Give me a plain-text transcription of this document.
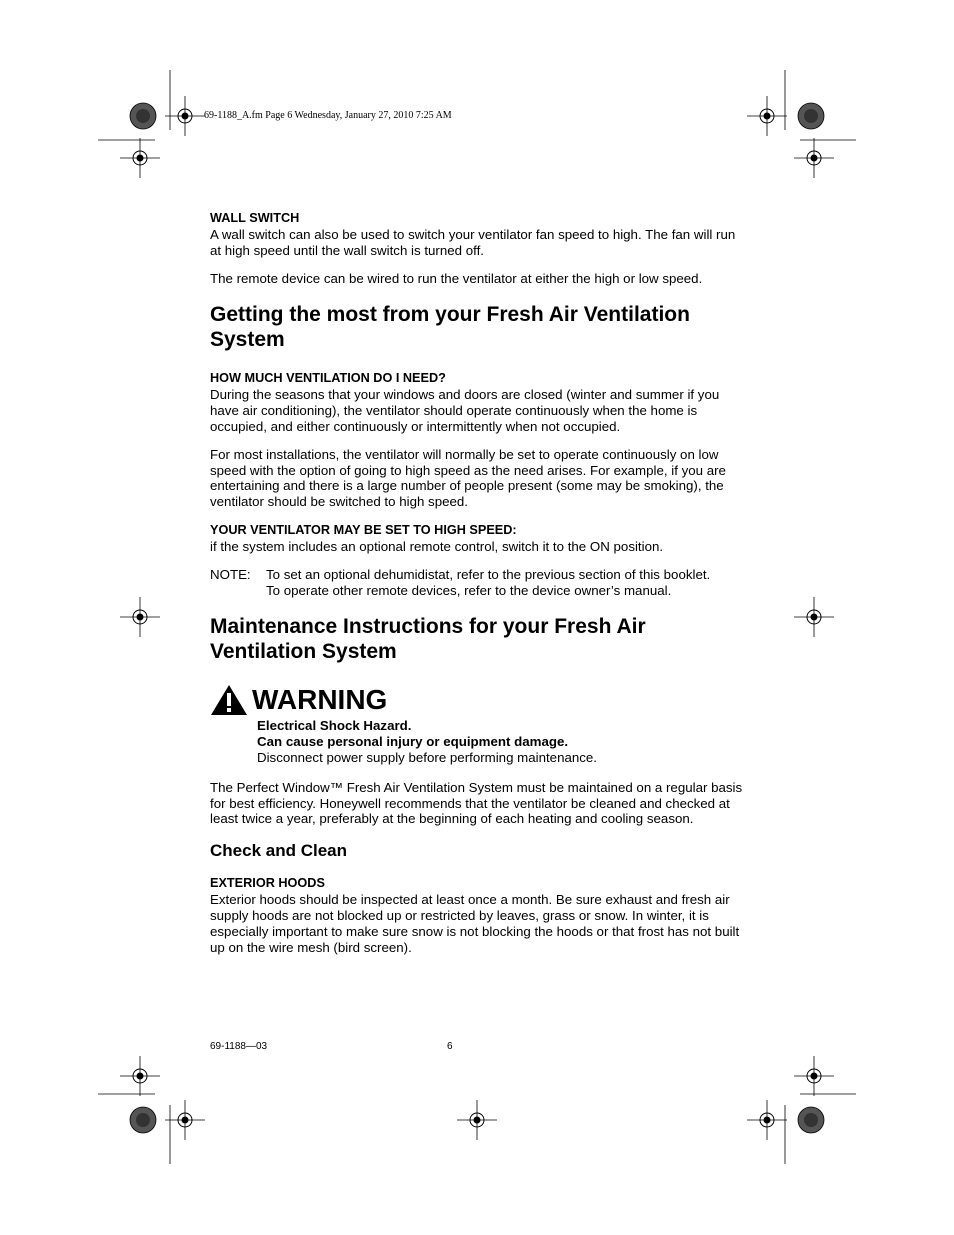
69-1188_A.fm Page 6 Wednesday, January 27, 2010 7:25 AM
WALL SWITCH

A wall switch can also be used to switch your ventilator fan speed to high. The fan will run at high speed until the wall switch is turned off.

The remote device can be wired to run the ventilator at either the high or low speed.

Getting the most from your Fresh Air Ventilation System
HOW MUCH VENTILATION DO I NEED?

During the seasons that your windows and doors are closed (winter and summer if you have air conditioning), the ventilator should operate continuously when the home is occupied, and either continuously or intermittently when not occupied.

For most installations, the ventilator will normally be set to operate continuously on low speed with the option of going to high speed as the need arises. For example, if you are entertaining and there is a large number of people present (some may be smoking), the ventilator should be switched to high speed.

YOUR VENTILATOR MAY BE SET TO HIGH SPEED:

if the system includes an optional remote control, switch it to the ON position.

NOTE:	To set an optional dehumidistat, refer to the previous section of this booklet.
To operate other remote devices, refer to the device owner’s manual.
Maintenance Instructions for your Fresh Air Ventilation System
WARNING
Electrical Shock Hazard.
Can cause personal injury or equipment damage.
Disconnect power supply before performing maintenance.

The Perfect Window™ Fresh Air Ventilation System must be maintained on a regular basis for best efficiency. Honeywell recommends that the ventilator be cleaned and checked at least twice a year, preferably at the beginning of each heating and cooling season.

Check and Clean
EXTERIOR HOODS

Exterior hoods should be inspected at least once a month. Be sure exhaust and fresh air supply hoods are not blocked up or restricted by leaves, grass or snow. In winter, it is especially important to make sure snow is not blocking the hoods or that frost has not built up on the wire mesh (bird screen).

69-1188—03	6
